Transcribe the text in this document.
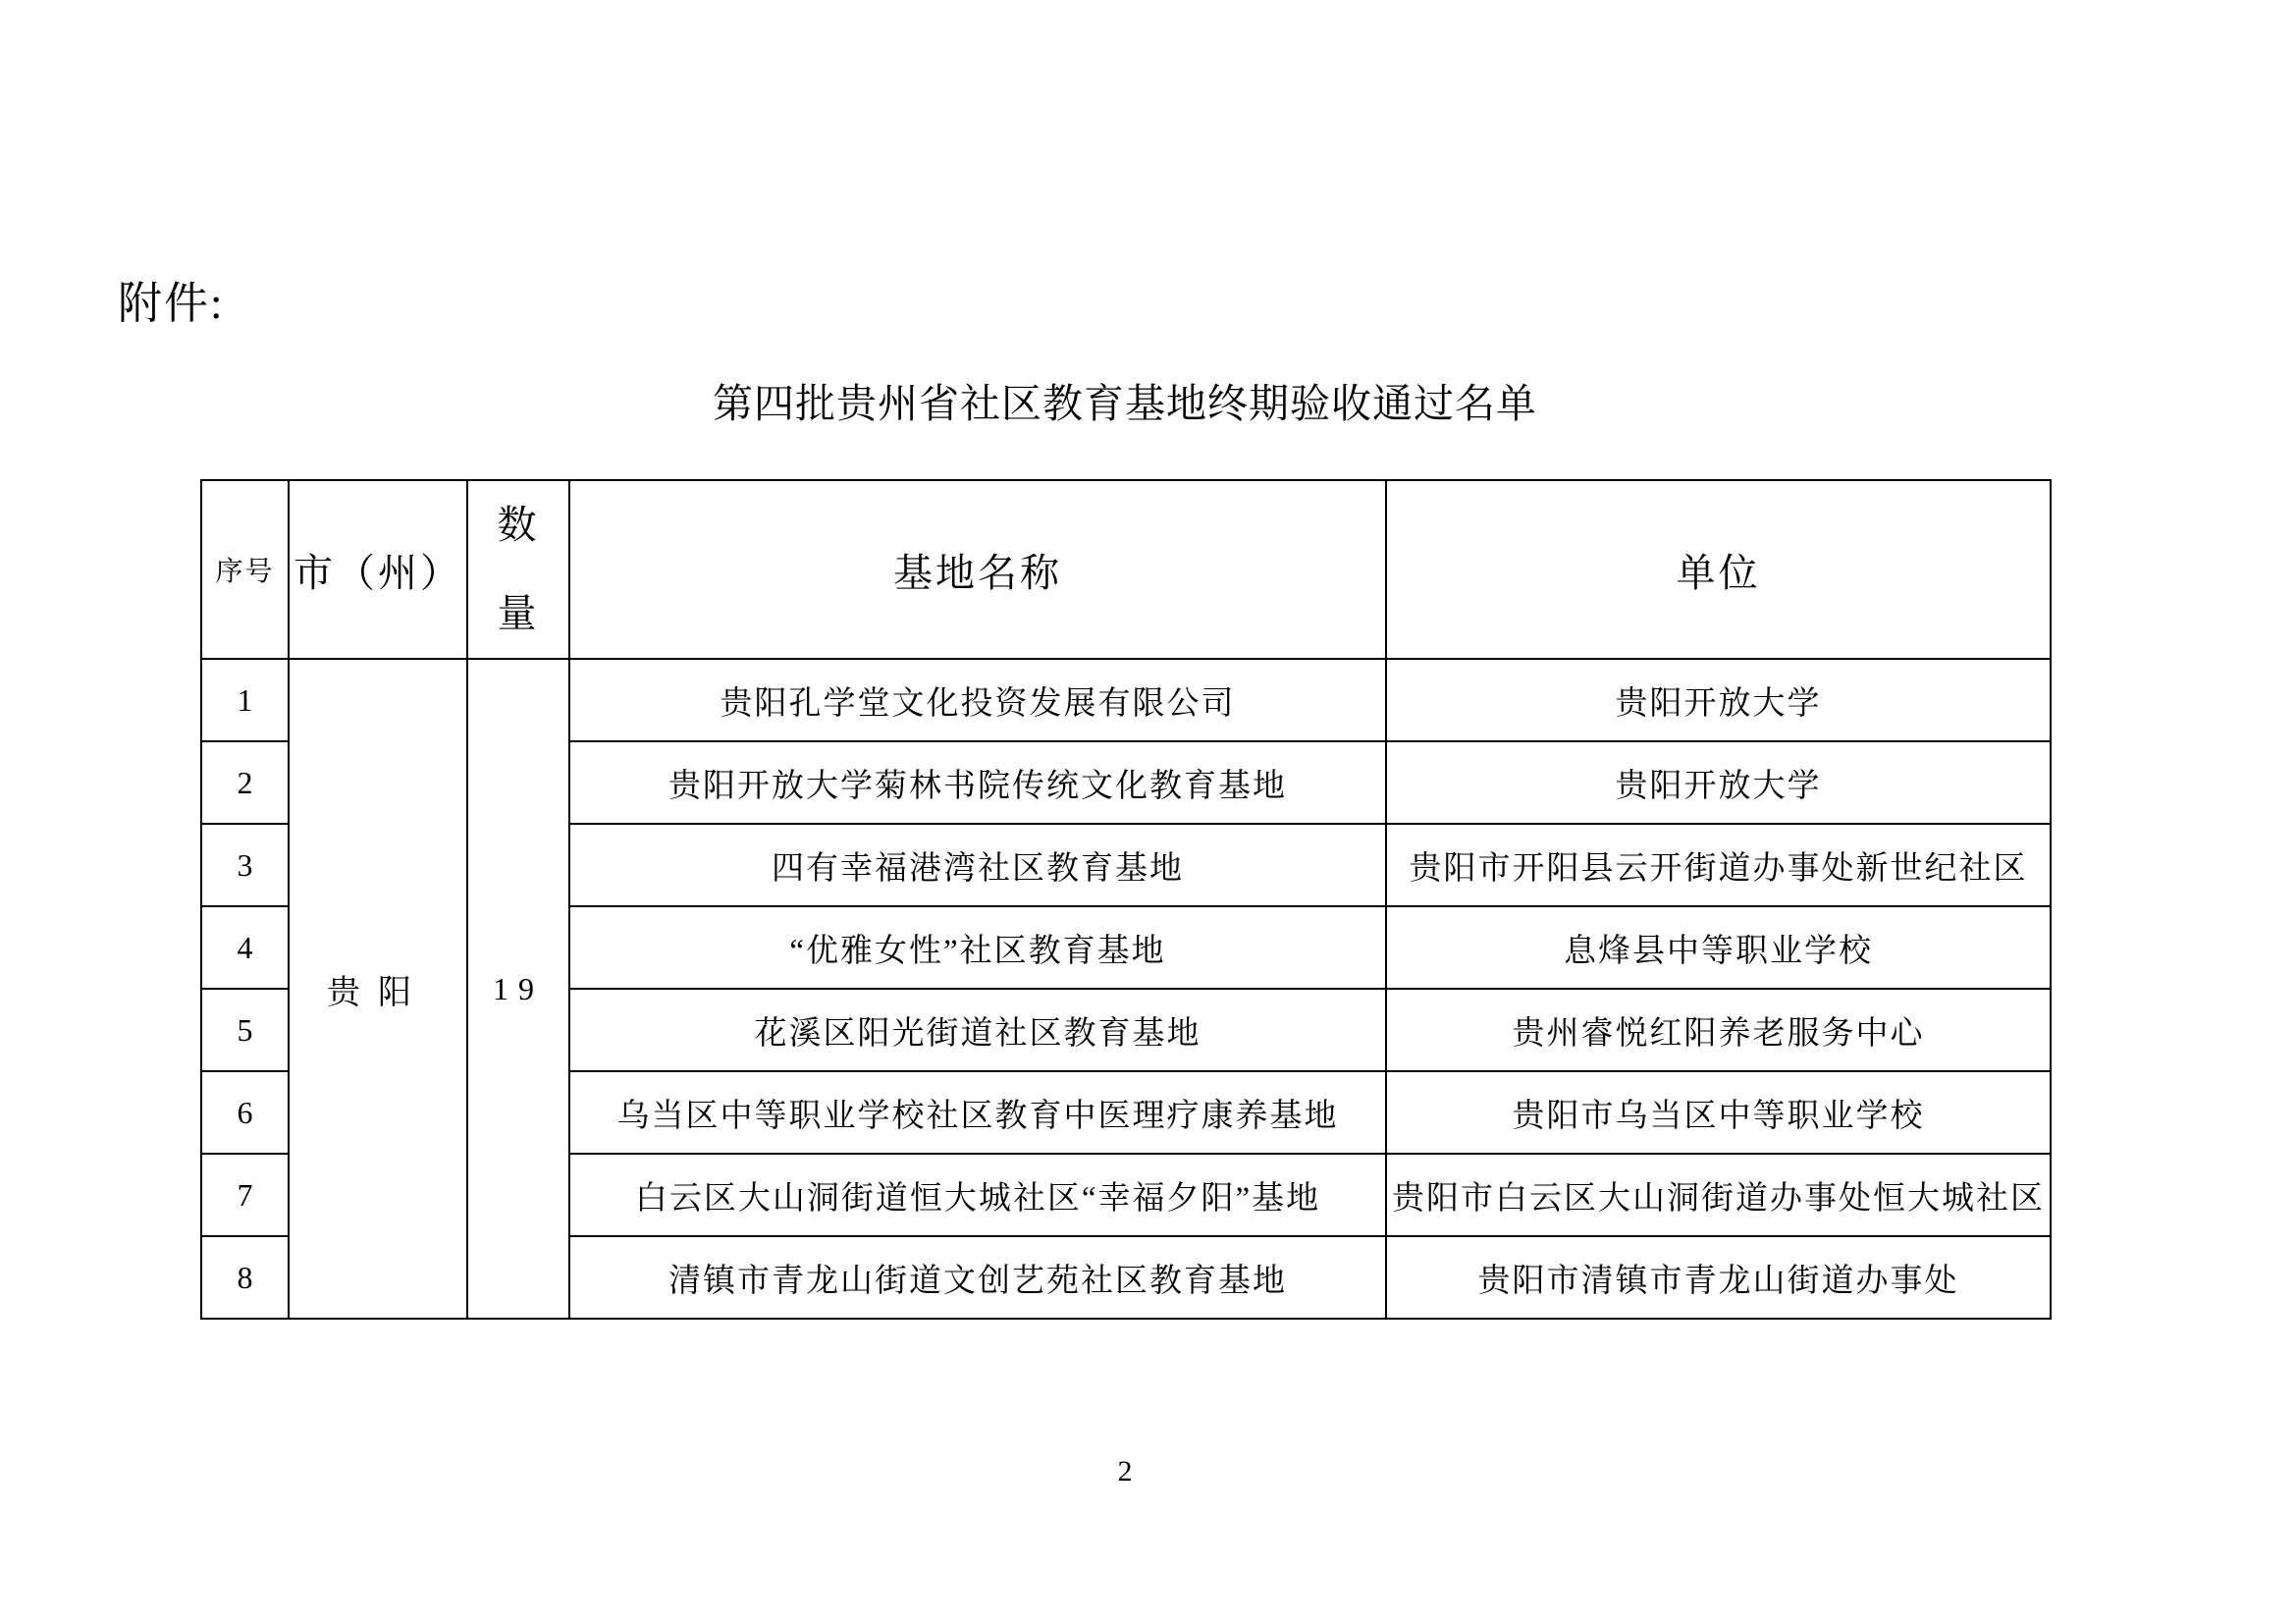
附件:
第四批贵州省社区教育基地终期验收通过名单
序号	市（州）	数量	基地名称	单位
1	贵阳	19	贵阳孔学堂文化投资发展有限公司	贵阳开放大学
2			贵阳开放大学菊林书院传统文化教育基地	贵阳开放大学
3			四有幸福港湾社区教育基地	贵阳市开阳县云开街道办事处新世纪社区
4			“优雅女性”社区教育基地	息烽县中等职业学校
5			花溪区阳光街道社区教育基地	贵州睿悦红阳养老服务中心
6			乌当区中等职业学校社区教育中医理疗康养基地	贵阳市乌当区中等职业学校
7			白云区大山洞街道恒大城社区“幸福夕阳”基地	贵阳市白云区大山洞街道办事处恒大城社区
8			清镇市青龙山街道文创艺苑社区教育基地	贵阳市清镇市青龙山街道办事处
2
